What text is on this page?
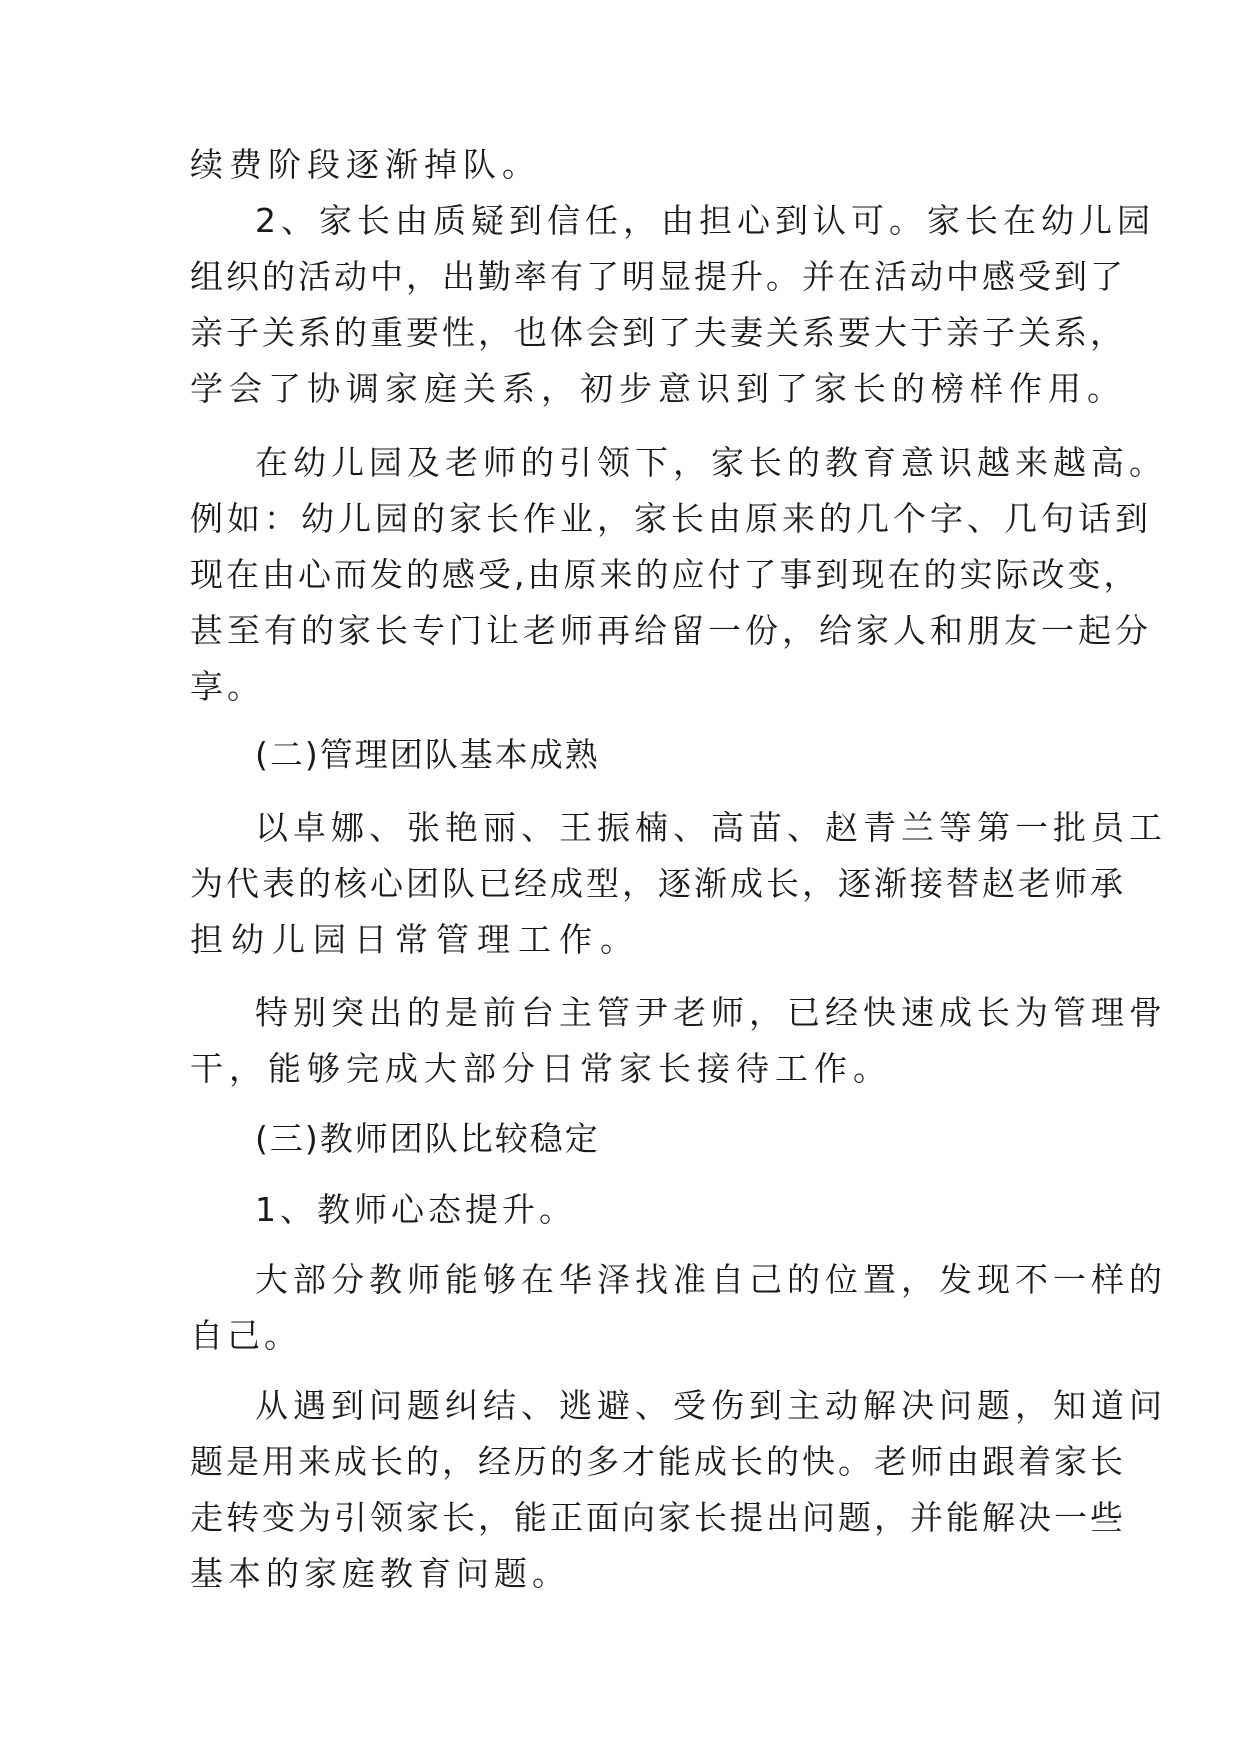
续费阶段逐渐掉队。
2、家长由质疑到信任，由担心到认可。家长在幼儿园
组织的活动中，出勤率有了明显提升。并在活动中感受到了
亲子关系的重要性，也体会到了夫妻关系要大于亲子关系，
学会了协调家庭关系，初步意识到了家长的榜样作用。
在幼儿园及老师的引领下，家长的教育意识越来越高。
例如：幼儿园的家长作业，家长由原来的几个字、几句话到
现在由心而发的感受,由原来的应付了事到现在的实际改变，
甚至有的家长专门让老师再给留一份，给家人和朋友一起分
享。
(二)管理团队基本成熟
以卓娜、张艳丽、王振楠、高苗、赵青兰等第一批员工
为代表的核心团队已经成型，逐渐成长，逐渐接替赵老师承
担幼儿园日常管理工作。
特别突出的是前台主管尹老师，已经快速成长为管理骨
干，能够完成大部分日常家长接待工作。
(三)教师团队比较稳定
1、教师心态提升。
大部分教师能够在华泽找准自己的位置，发现不一样的
自己。
从遇到问题纠结、逃避、受伤到主动解决问题，知道问
题是用来成长的，经历的多才能成长的快。老师由跟着家长
走转变为引领家长，能正面向家长提出问题，并能解决一些
基本的家庭教育问题。
